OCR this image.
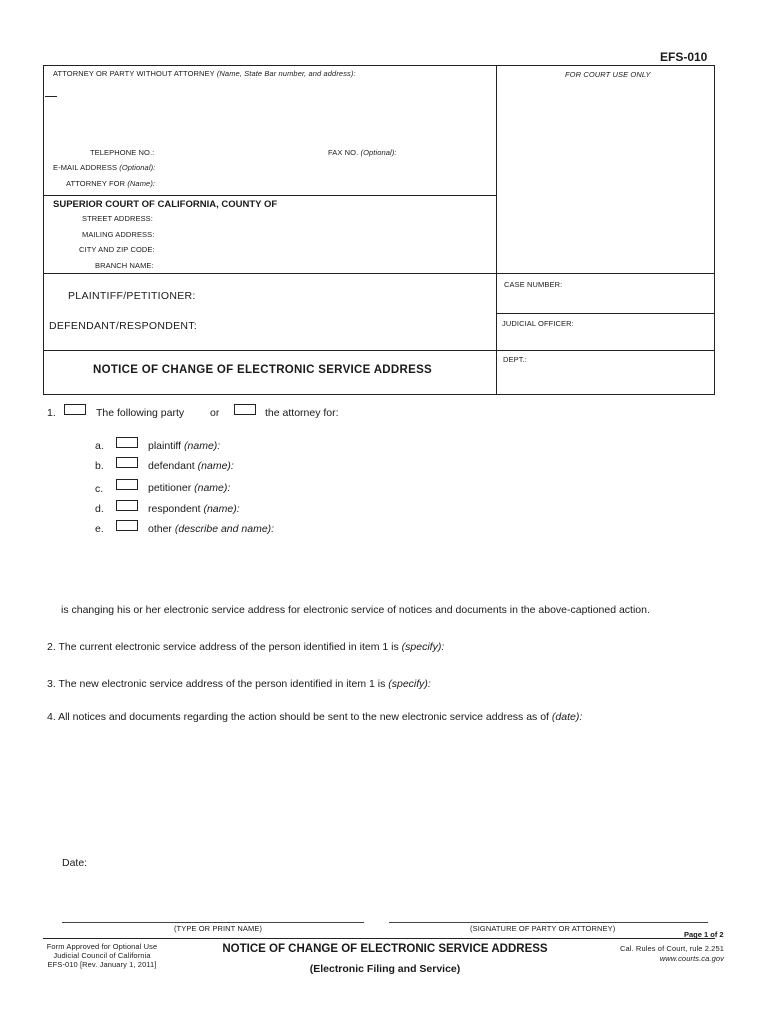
EFS-010
ATTORNEY OR PARTY WITHOUT ATTORNEY (Name, State Bar number, and address):	FOR COURT USE ONLY
TELEPHONE NO.:	FAX NO. (Optional):
E-MAIL ADDRESS (Optional):
ATTORNEY FOR (Name):
SUPERIOR COURT OF CALIFORNIA, COUNTY OF
STREET ADDRESS:
MAILING ADDRESS:
CITY AND ZIP CODE:
BRANCH NAME:
PLAINTIFF/PETITIONER:
DEFENDANT/RESPONDENT:
CASE NUMBER:
JUDICIAL OFFICER:
DEPT.:
NOTICE OF CHANGE OF ELECTRONIC SERVICE ADDRESS
1.	The following party or	the attorney for:
a.	plaintiff (name):
b.	defendant (name):
c.	petitioner (name):
d.	respondent (name):
e.	other (describe and name):
is changing his or her electronic service address for electronic service of notices and documents in the above-captioned action.
2. The current electronic service address of the person identified in item 1 is (specify):
3. The new electronic service address of the person identified in item 1 is (specify):
4. All notices and documents regarding the action should be sent to the new electronic service address as of (date):
Date:
(TYPE OR PRINT NAME)	(SIGNATURE OF PARTY OR ATTORNEY)
Page 1 of 2
Form Approved for Optional Use
Judicial Council of California
EFS-010 [Rev. January 1, 2011]
NOTICE OF CHANGE OF ELECTRONIC SERVICE ADDRESS
(Electronic Filing and Service)
Cal. Rules of Court, rule 2.251
www.courts.ca.gov
